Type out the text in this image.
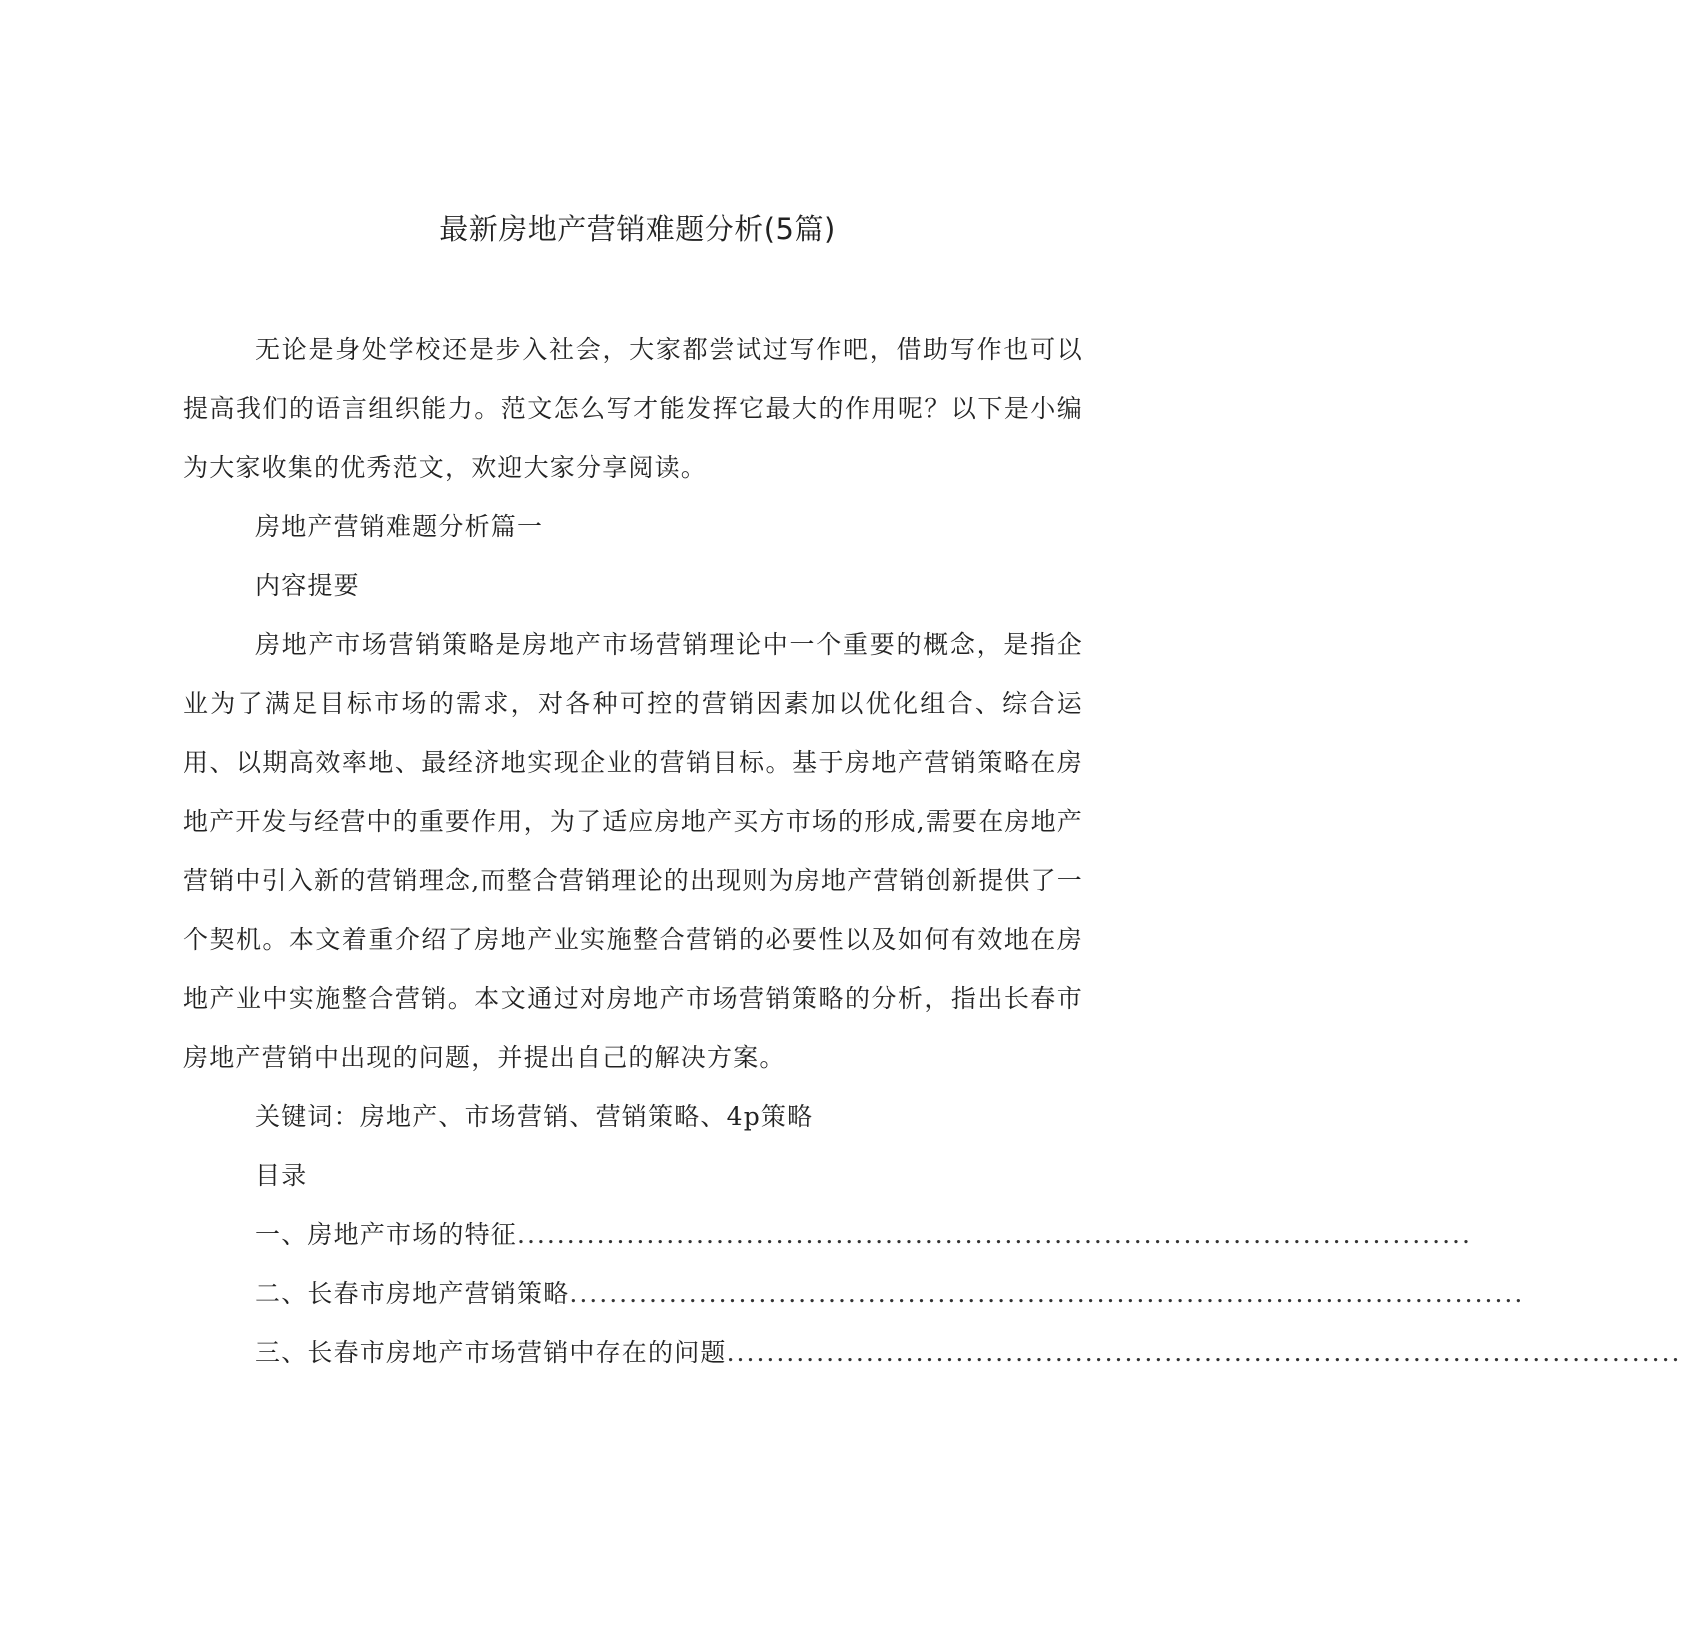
最新房地产营销难题分析(5篇)

无论是身处学校还是步入社会，大家都尝试过写作吧，借助写作也可以提高我们的语言组织能力。范文怎么写才能发挥它最大的作用呢？以下是小编为大家收集的优秀范文，欢迎大家分享阅读。

房地产营销难题分析篇一

内容提要

房地产市场营销策略是房地产市场营销理论中一个重要的概念，是指企业为了满足目标市场的需求，对各种可控的营销因素加以优化组合、综合运用、以期高效率地、最经济地实现企业的营销目标。基于房地产营销策略在房地产开发与经营中的重要作用，为了适应房地产买方市场的形成,需要在房地产营销中引入新的营销理念,而整合营销理论的出现则为房地产营销创新提供了一个契机。本文着重介绍了房地产业实施整合营销的必要性以及如何有效地在房地产业中实施整合营销。本文通过对房地产市场营销策略的分析，指出长春市房地产营销中出现的问题，并提出自己的解决方案。

关键词：房地产、市场营销、营销策略、4p策略

目录

一、房地产市场的特征 ................................................................................................
二、长春市房地产营销策略 ................................................................................................
三、长春市房地产市场营销中存在的问题 ................................................................................................
